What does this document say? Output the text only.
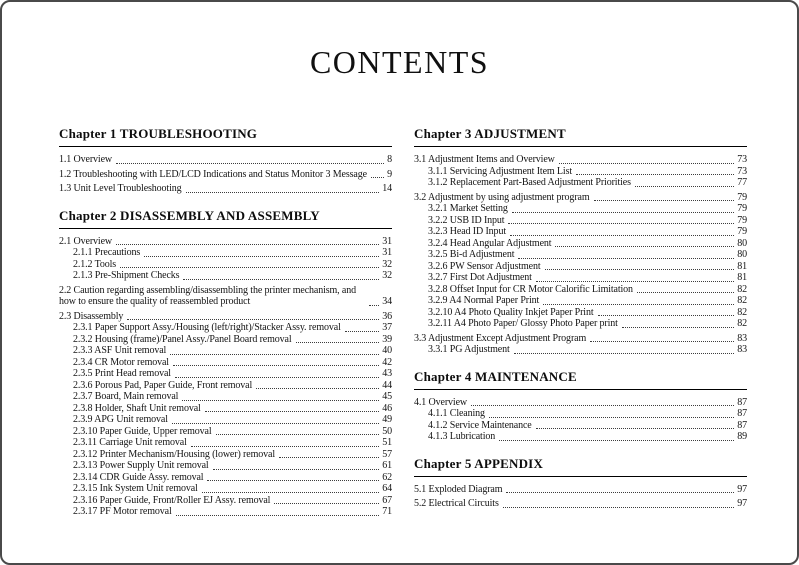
CONTENTS
Chapter 1 TROUBLESHOOTING
1.1 Overview	8
1.2 Troubleshooting with LED/LCD Indications and Status Monitor 3 Message 9
1.3 Unit Level Troubleshooting	14
Chapter 2 DISASSEMBLY AND ASSEMBLY
2.1 Overview	31
2.1.1 Precautions	31
2.1.2 Tools	32
2.1.3 Pre-Shipment Checks	32
2.2 Caution regarding assembling/disassembling the printer mechanism, and how to ensure the quality of reassembled product	34
2.3 Disassembly	36
2.3.1 Paper Support Assy./Housing (left/right)/Stacker Assy. removal	37
2.3.2 Housing (frame)/Panel Assy./Panel Board removal	39
2.3.3 ASF Unit removal	40
2.3.4 CR Motor removal	42
2.3.5 Print Head removal	43
2.3.6 Porous Pad, Paper Guide, Front removal	44
2.3.7 Board, Main removal	45
2.3.8 Holder, Shaft Unit removal	46
2.3.9 APG Unit removal	49
2.3.10 Paper Guide, Upper removal	50
2.3.11 Carriage Unit removal	51
2.3.12 Printer Mechanism/Housing (lower) removal	57
2.3.13 Power Supply Unit removal	61
2.3.14 CDR Guide Assy. removal	62
2.3.15 Ink System Unit removal	64
2.3.16 Paper Guide, Front/Roller EJ Assy. removal	67
2.3.17 PF Motor removal	71
Chapter 3 ADJUSTMENT
3.1 Adjustment Items and Overview	73
3.1.1 Servicing Adjustment Item List	73
3.1.2 Replacement Part-Based Adjustment Priorities	77
3.2 Adjustment by using adjustment program	79
3.2.1 Market Setting	79
3.2.2 USB ID Input	79
3.2.3 Head ID Input	79
3.2.4 Head Angular Adjustment	80
3.2.5 Bi-d Adjustment	80
3.2.6 PW Sensor Adjustment	81
3.2.7 First Dot Adjustment	81
3.2.8 Offset Input for CR Motor Calorific Limitation	82
3.2.9 A4 Normal Paper Print	82
3.2.10 A4 Photo Quality Inkjet Paper Print	82
3.2.11 A4 Photo Paper/ Glossy Photo Paper print	82
3.3 Adjustment Except Adjustment Program	83
3.3.1 PG Adjustment	83
Chapter 4 MAINTENANCE
4.1 Overview	87
4.1.1 Cleaning	87
4.1.2 Service Maintenance	87
4.1.3 Lubrication	89
Chapter 5 APPENDIX
5.1 Exploded Diagram	97
5.2 Electrical Circuits	97
